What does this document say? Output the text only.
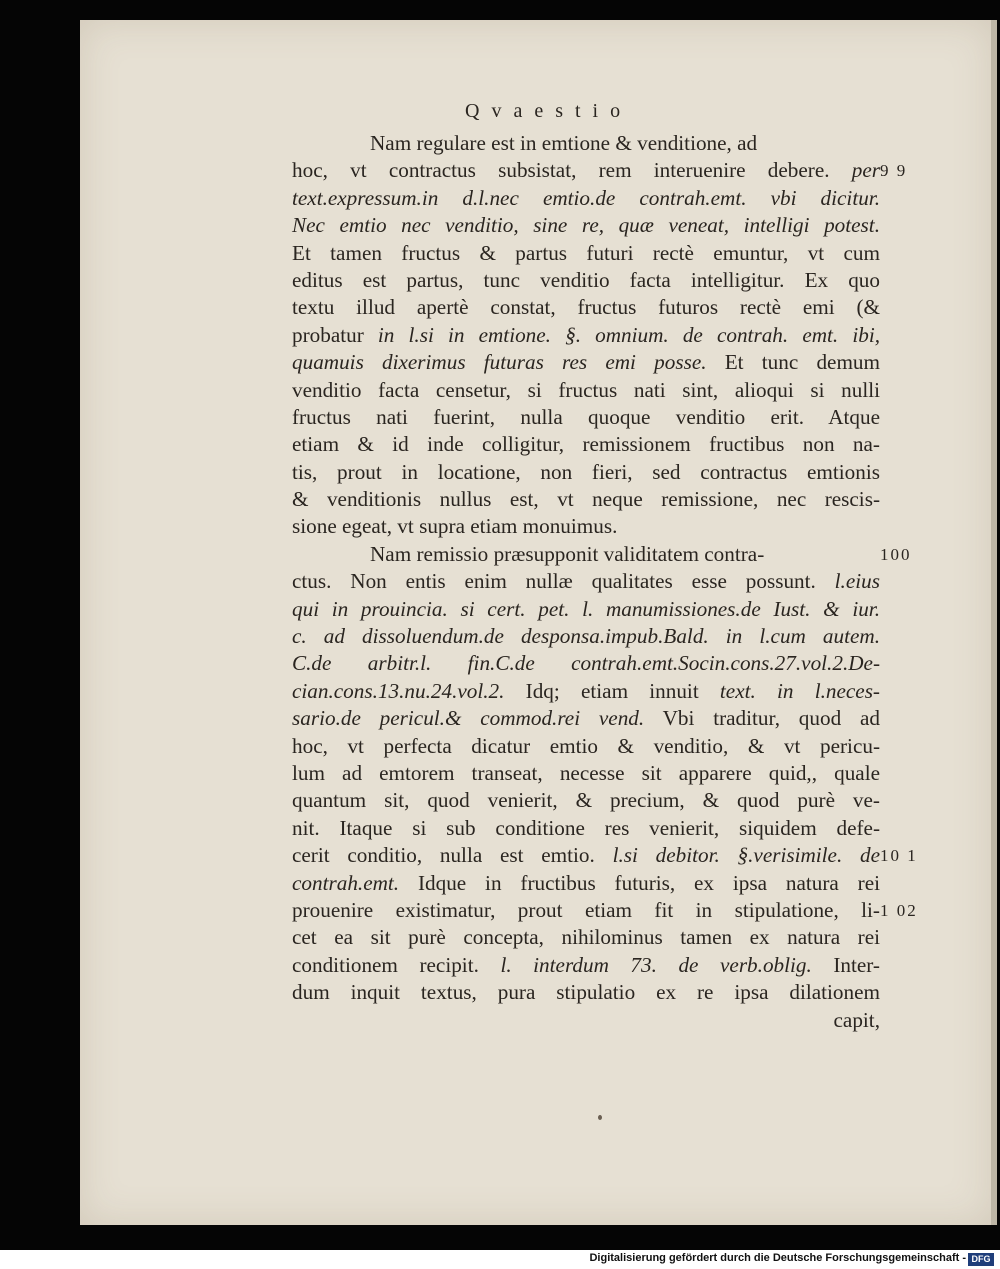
Qvaestio
Nam regulare est in emtione & venditione, ad
hoc, vt contractus subsistat, rem interuenire debere. per
text.expressum.in d.l.nec emtio.de contrah.emt. vbi dicitur.
Nec emtio nec venditio, sine re, quæ veneat, intelligi potest.
Et tamen fructus & partus futuri rectè emuntur, vt cum
editus est partus, tunc venditio facta intelligitur. Ex quo
textu illud apertè constat, fructus futuros rectè emi (&
probatur in l.si in emtione. §. omnium. de contrah. emt. ibi,
quamuis dixerimus futuras res emi posse. Et tunc demum
venditio facta censetur, si fructus nati sint, alioqui si nulli
fructus nati fuerint, nulla quoque venditio erit. Atque
etiam & id inde colligitur, remissionem fructibus non na-
tis, prout in locatione, non fieri, sed contractus emtionis
& venditionis nullus est, vt neque remissione, nec rescis-
sione egeat, vt supra etiam monuimus.
Nam remissio præsupponit validitatem contra-
ctus. Non entis enim nullæ qualitates esse possunt. l.eius
qui in prouincia. si cert. pet. l. manumissiones.de Iust. & iur.
c. ad dissoluendum.de desponsa.impub.Bald. in l.cum autem.
C.de arbitr.l. fin.C.de contrah.emt.Socin.cons.27.vol.2.De-
cian.cons.13.nu.24.vol.2. Idq; etiam innuit text. in l.neces-
sario.de pericul.& commod.rei vend. Vbi traditur, quod ad
hoc, vt perfecta dicatur emtio & venditio, & vt pericu-
lum ad emtorem transeat, necesse sit apparere quid,, quale
quantum sit, quod venierit, & precium, & quod purè ve-
nit. Itaque si sub conditione res venierit, siquidem defe-
cerit conditio, nulla est emtio. l.si debitor. §.verisimile. de
contrah.emt. Idque in fructibus futuris, ex ipsa natura rei
prouenire existimatur, prout etiam fit in stipulatione, li-
cet ea sit purè concepta, nihilominus tamen ex natura rei
conditionem recipit. l. interdum 73. de verb.oblig. Inter-
dum inquit textus, pura stipulatio ex re ipsa dilationem
capit,
9 9
100
10 1
1 02
Digitalisierung gefördert durch die Deutsche Forschungsgemeinschaft - DFG
